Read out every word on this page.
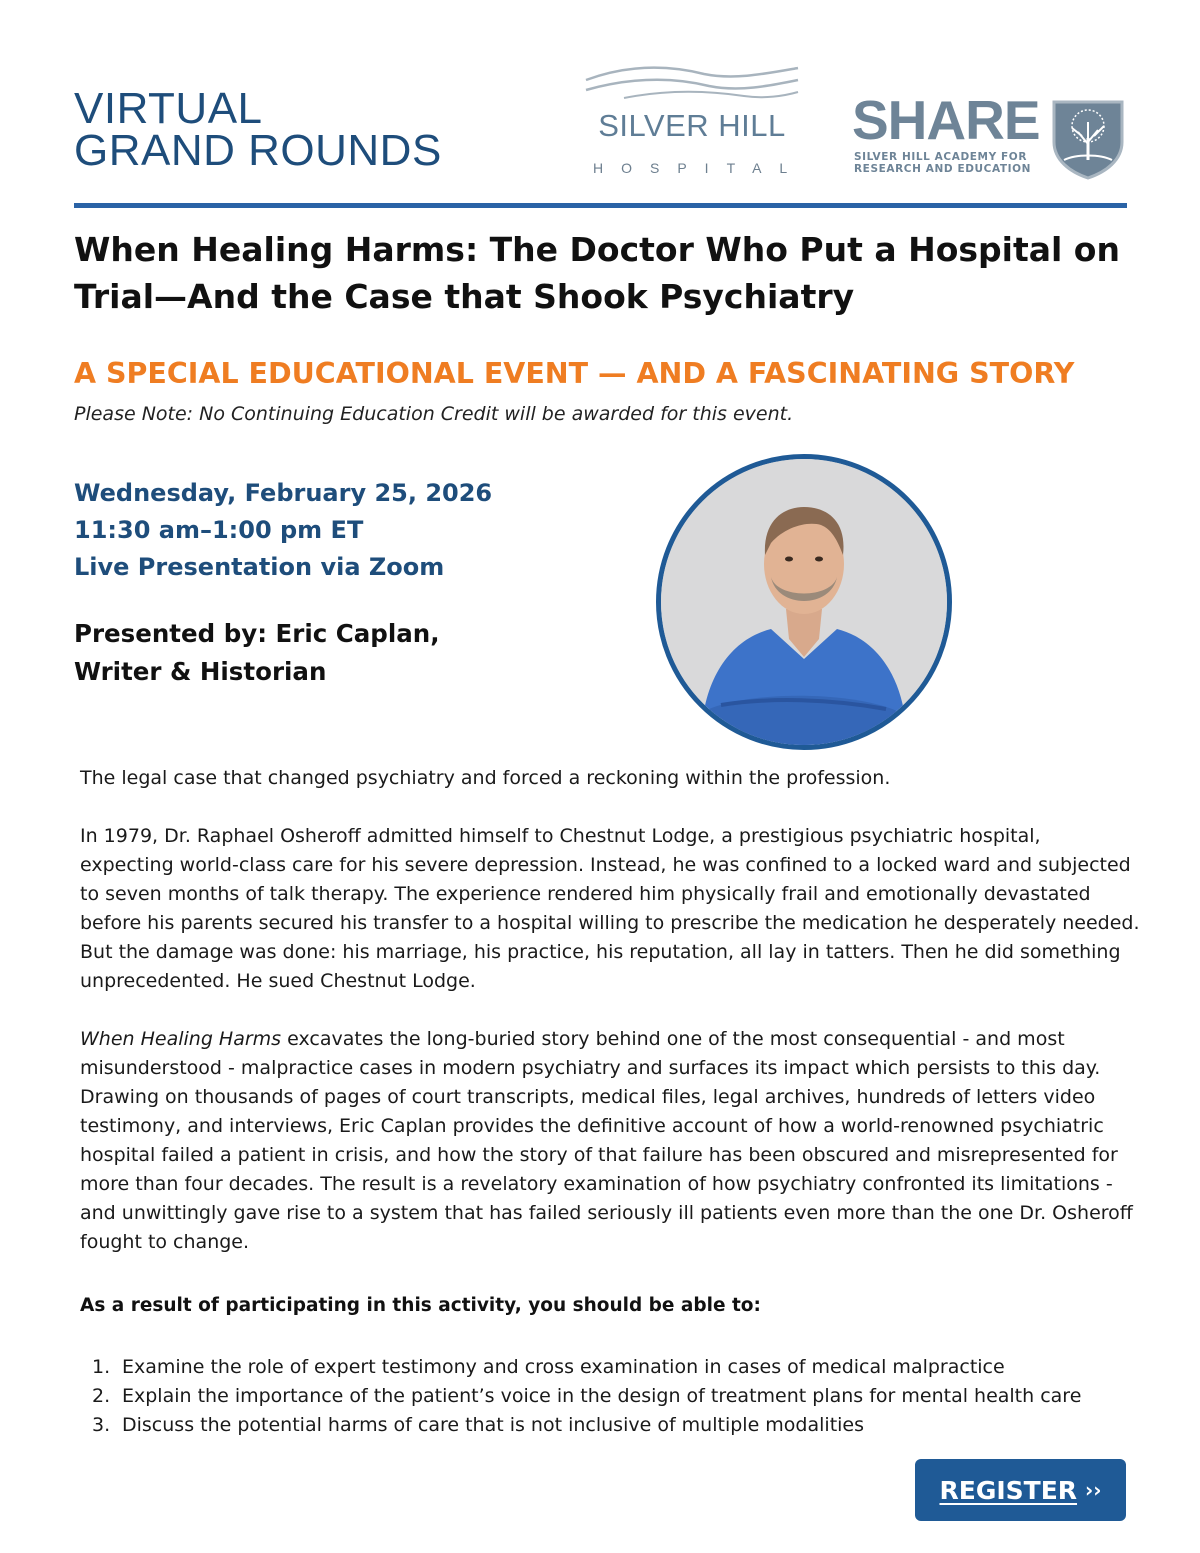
VIRTUAL
GRAND ROUNDS
SILVER HILL
HOSPITAL
SHARE
SILVER HILL ACADEMY FOR
RESEARCH AND EDUCATION
When Healing Harms: The Doctor Who Put a Hospital on Trial—And the Case that Shook Psychiatry
A SPECIAL EDUCATIONAL EVENT — AND A FASCINATING STORY

Please Note: No Continuing Education Credit will be awarded for this event.

Wednesday, February 25, 2026
11:30 am–1:00 pm ET
Live Presentation via Zoom
Presented by: Eric Caplan,
Writer & Historian

The legal case that changed psychiatry and forced a reckoning within the profession.

In 1979, Dr. Raphael Osheroff admitted himself to Chestnut Lodge, a prestigious psychiatric hospital, expecting world-class care for his severe depression. Instead, he was confined to a locked ward and subjected to seven months of talk therapy. The experience rendered him physically frail and emotionally devastated before his parents secured his transfer to a hospital willing to prescribe the medication he desperately needed. But the damage was done: his marriage, his practice, his reputation, all lay in tatters. Then he did something unprecedented. He sued Chestnut Lodge.

When Healing Harms excavates the long-buried story behind one of the most consequential - and most misunderstood - malpractice cases in modern psychiatry and surfaces its impact which persists to this day. Drawing on thousands of pages of court transcripts, medical files, legal archives, hundreds of letters video testimony, and interviews, Eric Caplan provides the definitive account of how a world-renowned psychiatric hospital failed a patient in crisis, and how the story of that failure has been obscured and misrepresented for more than four decades. The result is a revelatory examination of how psychiatry confronted its limitations - and unwittingly gave rise to a system that has failed seriously ill patients even more than the one Dr. Osheroff fought to change.

As a result of participating in this activity, you should be able to:

1. Examine the role of expert testimony and cross examination in cases of medical malpractice
2. Explain the importance of the patient’s voice in the design of treatment plans for mental health care
3. Discuss the potential harms of care that is not inclusive of multiple modalities
REGISTER ››
